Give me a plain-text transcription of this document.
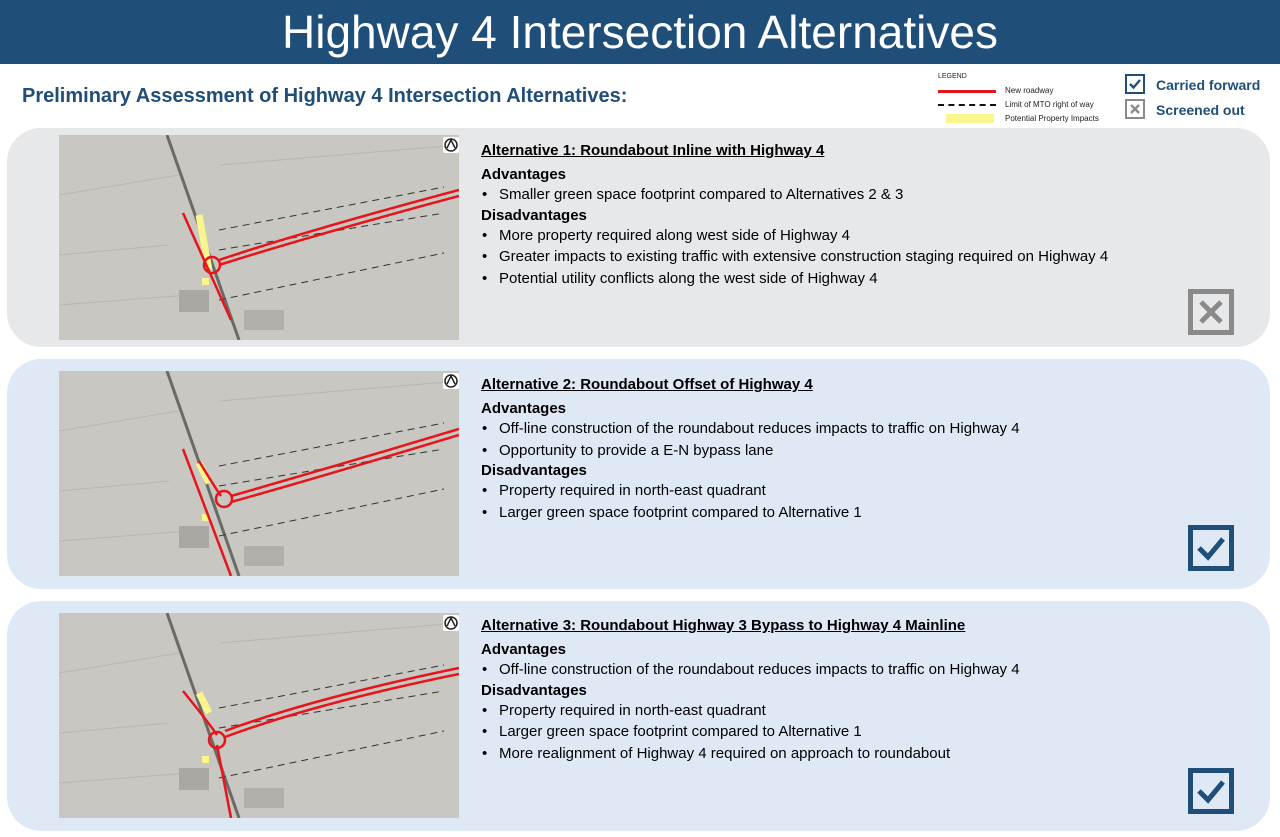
Highway 4 Intersection Alternatives
Preliminary Assessment of Highway 4 Intersection Alternatives:
LEGEND
New roadway
Limit of MTO right of way
Potential Property Impacts
Carried forward
Screened out
Alternative 1: Roundabout Inline with Highway 4
Advantages
• Smaller green space footprint compared to Alternatives 2 & 3
Disadvantages
• More property required along west side of Highway 4
• Greater impacts to existing traffic with extensive construction staging required on Highway 4
• Potential utility conflicts along the west side of Highway 4
Alternative 2: Roundabout Offset of Highway 4
Advantages
• Off-line construction of the roundabout reduces impacts to traffic on Highway 4
• Opportunity to provide a E-N bypass lane
Disadvantages
• Property required in north-east quadrant
• Larger green space footprint compared to Alternative 1
Alternative 3: Roundabout Highway 3 Bypass to Highway 4 Mainline
Advantages
• Off-line construction of the roundabout reduces impacts to traffic on Highway 4
Disadvantages
• Property required in north-east quadrant
• Larger green space footprint compared to Alternative 1
• More realignment of Highway 4 required on approach to roundabout
